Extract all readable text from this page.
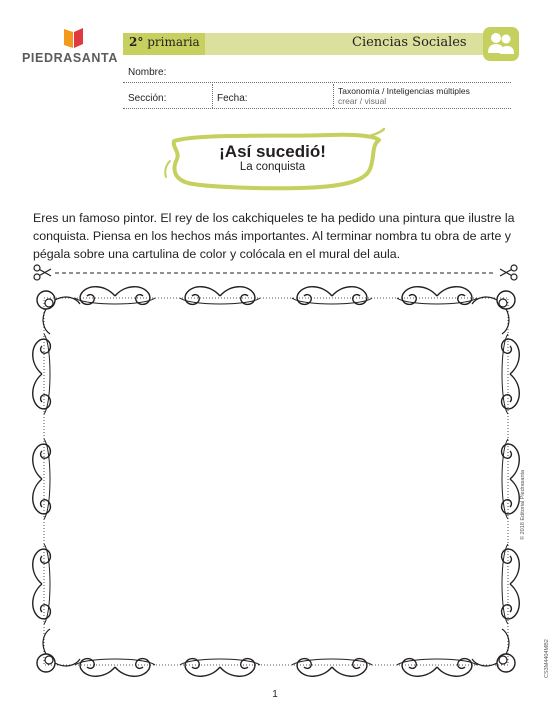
PIEDRASANTA
2° primaria	Ciencias Sociales
Nombre:
Sección:	Fecha:
Taxonomía / Inteligencias múltiples
crear / visual
¡Así sucedió!
La conquista
Eres un famoso pintor. El rey de los cakchiqueles te ha pedido una pintura que ilustre la conquista. Piensa en los hechos más importantes. Al terminar nombra tu obra de arte y pégala sobre una cartulina de color y colócala en el mural del aula.
© 2018 Editorial Piedrasanta
CS3M4404MB2
1
